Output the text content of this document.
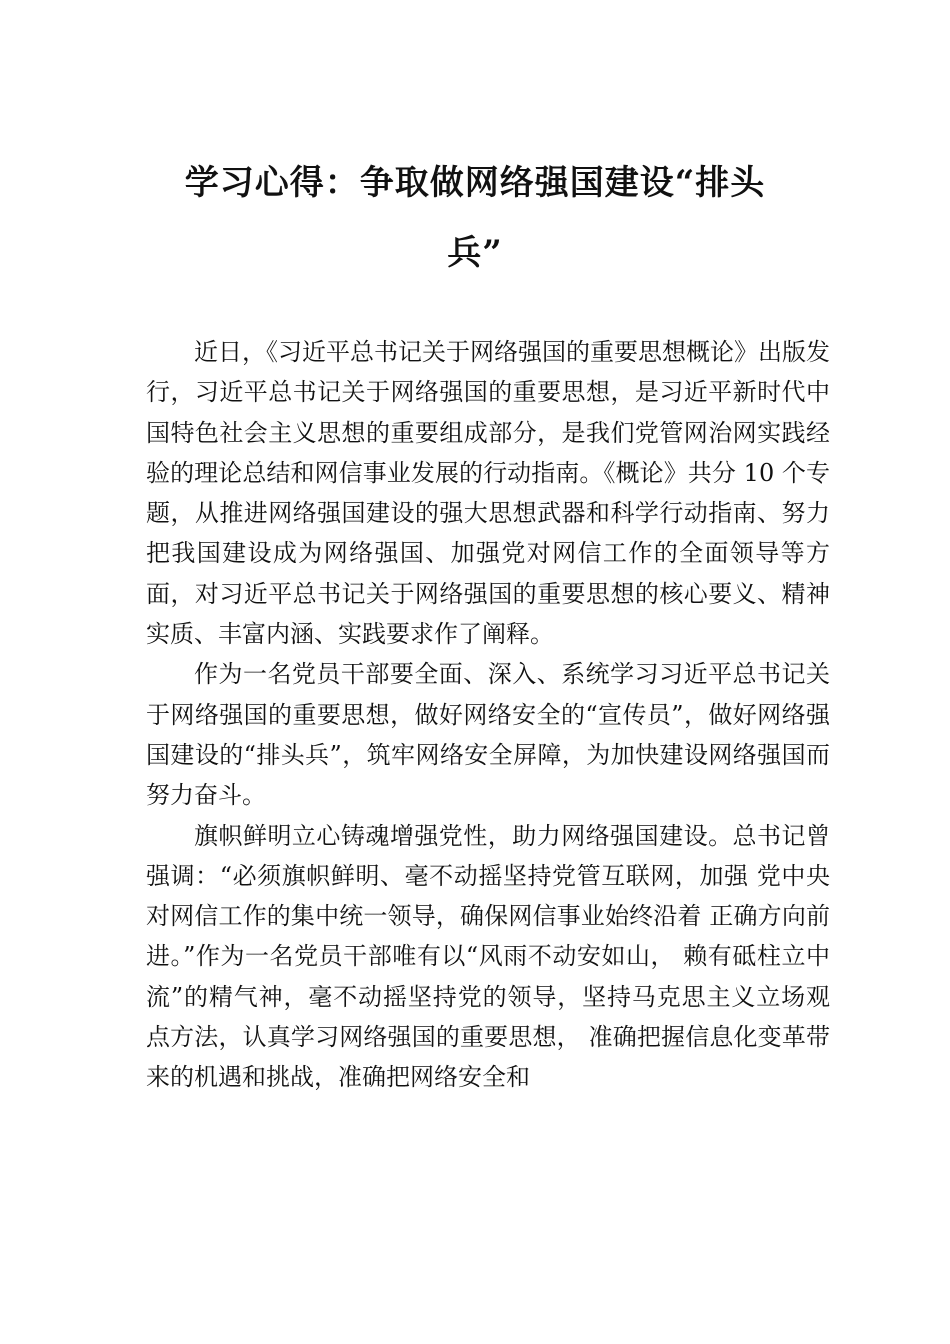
学习心得：争取做网络强国建设“排头兵”

近日，《习近平总书记关于网络强国的重要思想概论》出版发行，习近平总书记关于网络强国的重要思想，是习近平新时代中国特色社会主义思想的重要组成部分，是我们党管网治网实践经验的理论总结和网信事业发展的行动指南。《概论》共分 10 个专题，从推进网络强国建设的强大思想武器和科学行动指南、努力把我国建设成为网络强国、加强党对网信工作的全面领导等方面，对习近平总书记关于网络强国的重要思想的核心要义、精神实质、丰富内涵、实践要求作了阐释。

作为一名党员干部要全面、深入、系统学习习近平总书记关于网络强国的重要思想，做好网络安全的“宣传员”，做好网络强国建设的“排头兵”，筑牢网络安全屏障，为加快建设网络强国而努力奋斗。

旗帜鲜明立心铸魂增强党性，助力网络强国建设。总书记曾强调：“必须旗帜鲜明、毫不动摇坚持党管互联网，加强 党中央对网信工作的集中统一领导，确保网信事业始终沿着 正确方向前进。”作为一名党员干部唯有以“风雨不动安如山， 赖有砥柱立中流”的精气神，毫不动摇坚持党的领导，坚持马克思主义立场观点方法，认真学习网络强国的重要思想， 准确把握信息化变革带来的机遇和挑战，准确把网络安全和
